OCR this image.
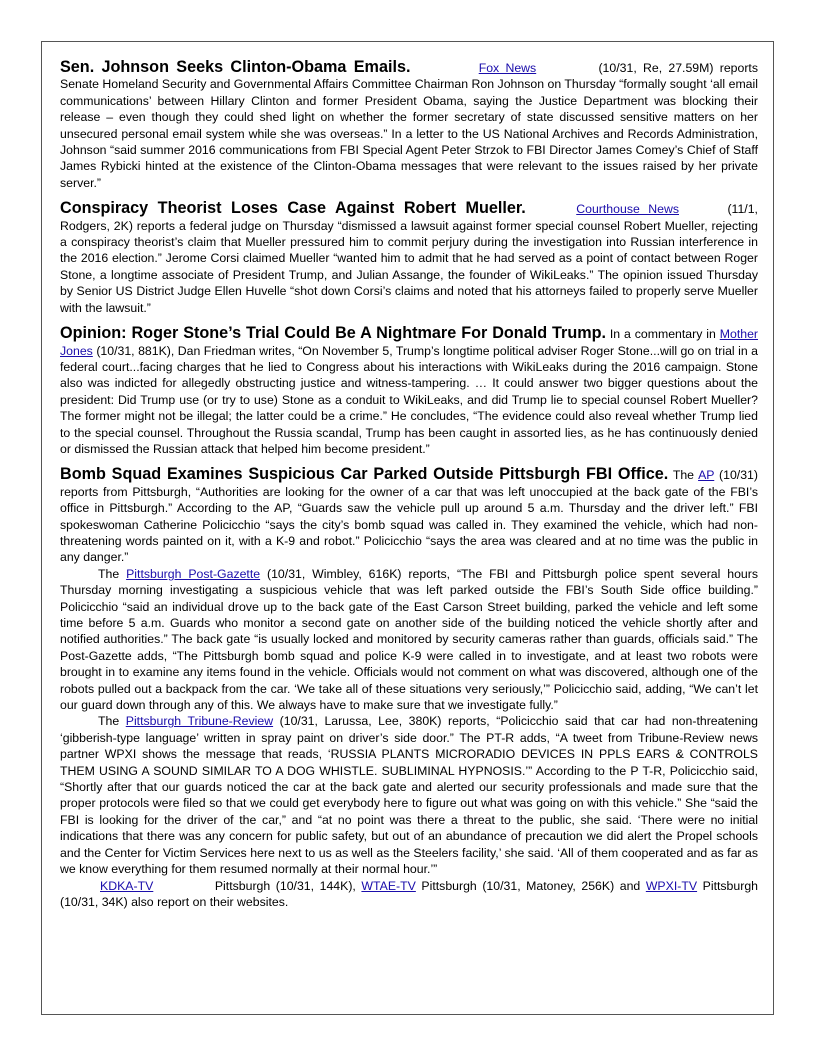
Sen. Johnson Seeks Clinton-Obama Emails.	Fox News	(10/31, Re, 27.59M) reports Senate Homeland Security and Governmental Affairs Committee Chairman Ron Johnson on Thursday “formally sought ‘all email communications’ between Hillary Clinton and former President Obama, saying the Justice Department was blocking their release – even though they could shed light on whether the former secretary of state discussed sensitive matters on her unsecured personal email system while she was overseas.” In a letter to the US National Archives and Records Administration, Johnson “said summer 2016 communications from FBI Special Agent Peter Strzok to FBI Director James Comey’s Chief of Staff James Rybicki hinted at the existence of the Clinton-Obama messages that were relevant to the issues raised by her private server.”

Conspiracy Theorist Loses Case Against Robert Mueller.	Courthouse News	(11/1, Rodgers, 2K) reports a federal judge on Thursday “dismissed a lawsuit against former special counsel Robert Mueller, rejecting a conspiracy theorist’s claim that Mueller pressured him to commit perjury during the investigation into Russian interference in the 2016 election.” Jerome Corsi claimed Mueller “wanted him to admit that he had served as a point of contact between Roger Stone, a longtime associate of President Trump, and Julian Assange, the founder of WikiLeaks.” The opinion issued Thursday by Senior US District Judge Ellen Huvelle “shot down Corsi’s claims and noted that his attorneys failed to properly serve Mueller with the lawsuit.”

Opinion: Roger Stone’s Trial Could Be A Nightmare For Donald Trump. In a commentary in Mother Jones (10/31, 881K), Dan Friedman writes, “On November 5, Trump’s longtime political adviser Roger Stone...will go on trial in a federal court...facing charges that he lied to Congress about his interactions with WikiLeaks during the 2016 campaign. Stone also was indicted for allegedly obstructing justice and witness-tampering. … It could answer two bigger questions about the president: Did Trump use (or try to use) Stone as a conduit to WikiLeaks, and did Trump lie to special counsel Robert Mueller? The former might not be illegal; the latter could be a crime.” He concludes, “The evidence could also reveal whether Trump lied to the special counsel. Throughout the Russia scandal, Trump has been caught in assorted lies, as he has continuously denied or dismissed the Russian attack that helped him become president.”

Bomb Squad Examines Suspicious Car Parked Outside Pittsburgh FBI Office. The AP (10/31) reports from Pittsburgh, “Authorities are looking for the owner of a car that was left unoccupied at the back gate of the FBI’s office in Pittsburgh.” According to the AP, “Guards saw the vehicle pull up around 5 a.m. Thursday and the driver left.” FBI spokeswoman Catherine Policicchio “says the city’s bomb squad was called in. They examined the vehicle, which had non-threatening words painted on it, with a K-9 and robot.” Policicchio “says the area was cleared and at no time was the public in any danger.”

The Pittsburgh Post-Gazette (10/31, Wimbley, 616K) reports, “The FBI and Pittsburgh police spent several hours Thursday morning investigating a suspicious vehicle that was left parked outside the FBI’s South Side office building.” Policicchio “said an individual drove up to the back gate of the East Carson Street building, parked the vehicle and left some time before 5 a.m. Guards who monitor a second gate on another side of the building noticed the vehicle shortly after and notified authorities.” The back gate “is usually locked and monitored by security cameras rather than guards, officials said.” The Post-Gazette adds, “The Pittsburgh bomb squad and police K-9 were called in to investigate, and at least two robots were brought in to examine any items found in the vehicle. Officials would not comment on what was discovered, although one of the robots pulled out a backpack from the car. ‘We take all of these situations very seriously,’” Policicchio said, adding, “We can’t let our guard down through any of this. We always have to make sure that we investigate fully.”

The Pittsburgh Tribune-Review (10/31, Larussa, Lee, 380K) reports, “Policicchio said that car had non-threatening ‘gibberish-type language’ written in spray paint on driver’s side door.” The PT-R adds, “A tweet from Tribune-Review news partner WPXI shows the message that reads, ‘RUSSIA PLANTS MICRORADIO DEVICES IN PPLS EARS & CONTROLS THEM USING A SOUND SIMILAR TO A DOG WHISTLE. SUBLIMINAL HYPNOSIS.’” According to the P T-R, Policicchio said, “Shortly after that our guards noticed the car at the back gate and alerted our security professionals and made sure that the proper protocols were filed so that we could get everybody here to figure out what was going on with this vehicle.” She “said the FBI is looking for the driver of the car,” and “at no point was there a threat to the public, she said. ‘There were no initial indications that there was any concern for public safety, but out of an abundance of precaution we did alert the Propel schools and the Center for Victim Services here next to us as well as the Steelers facility,’ she said. ‘All of them cooperated and as far as we know everything for them resumed normally at their normal hour.’”

KDKA-TV	Pittsburgh (10/31, 144K), WTAE-TV Pittsburgh (10/31, Matoney, 256K) and WPXI-TV Pittsburgh (10/31, 34K) also report on their websites.
